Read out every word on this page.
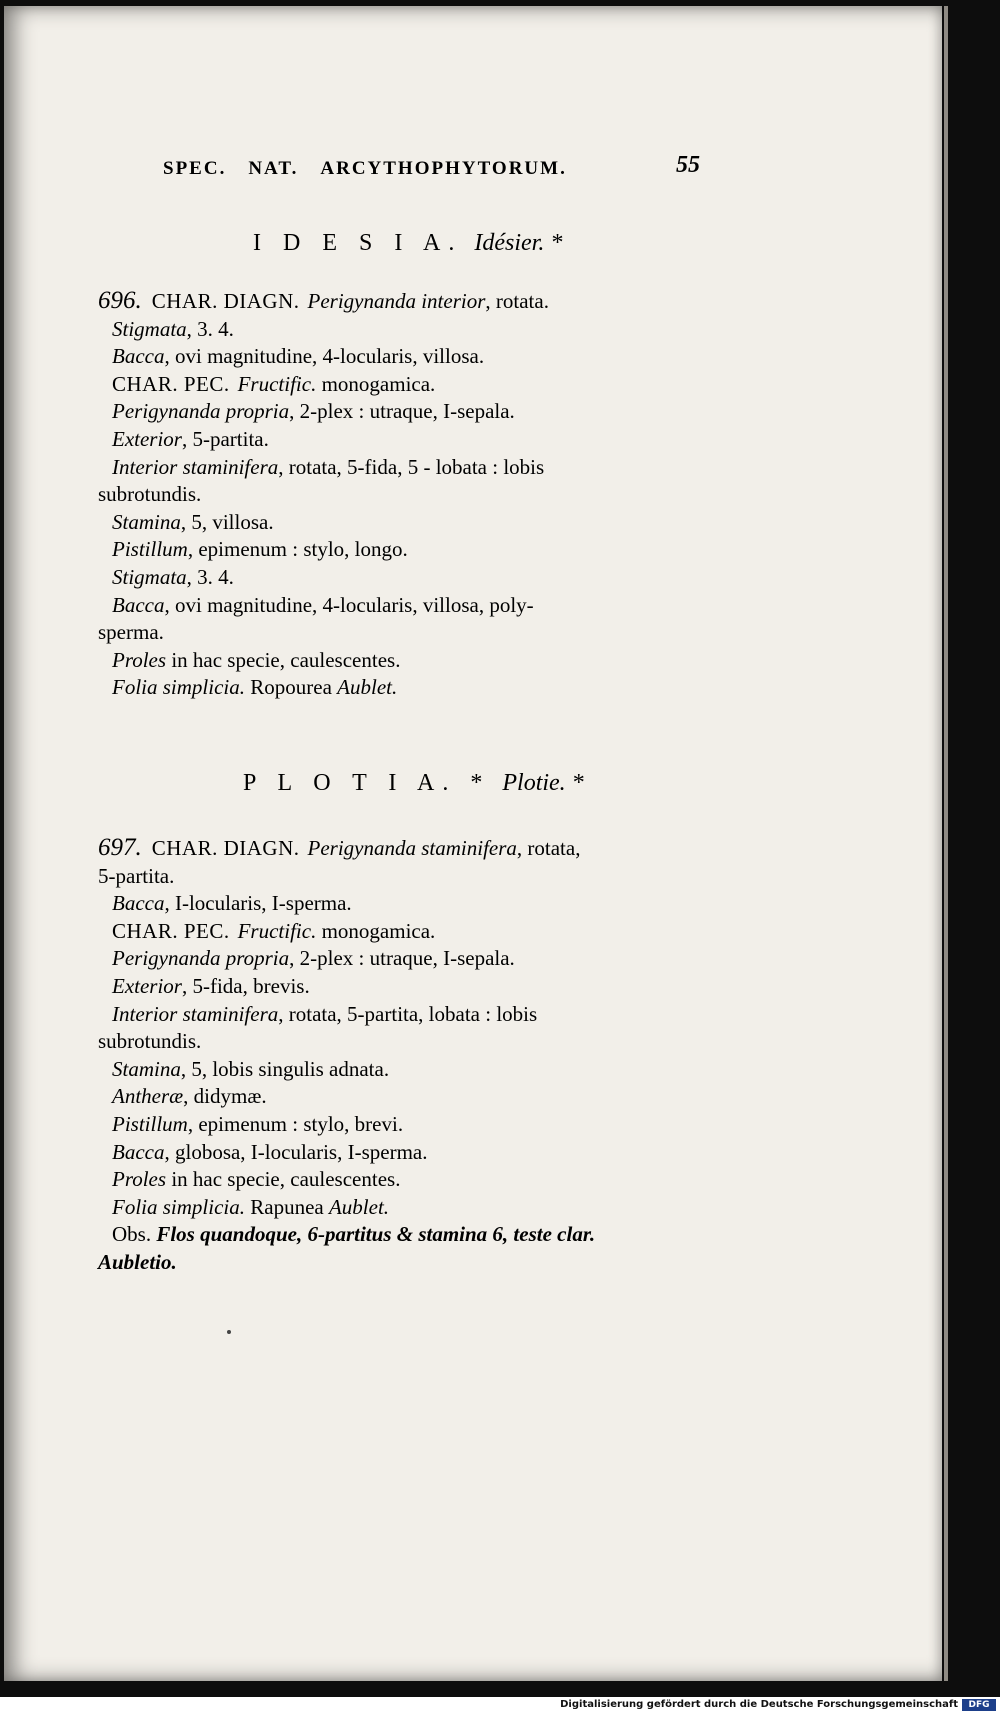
SPEC. NAT. ARCYTHOPHYTORUM.	55
I D E S I A. Idésier. *
696. CHAR. DIAGN. Perigynanda interior, rotata.
Stigmata, 3. 4.
Bacca, ovi magnitudine, 4-locularis, villosa.
CHAR. PEC. Fructific. monogamica.
Perigynanda propria, 2-plex : utraque, I-sepala.
Exterior, 5-partita.
Interior staminifera, rotata, 5-fida, 5 - lobata : lobis
subrotundis.
Stamina, 5, villosa.
Pistillum, epimenum : stylo, longo.
Stigmata, 3. 4.
Bacca, ovi magnitudine, 4-locularis, villosa, poly-
sperma.
Proles in hac specie, caulescentes.
Folia simplicia. Ropourea Aublet.
P L O T I A. * Plotie. *
697. CHAR. DIAGN. Perigynanda staminifera, rotata,
5-partita.
Bacca, I-locularis, I-sperma.
CHAR. PEC. Fructific. monogamica.
Perigynanda propria, 2-plex : utraque, I-sepala.
Exterior, 5-fida, brevis.
Interior staminifera, rotata, 5-partita, lobata : lobis
subrotundis.
Stamina, 5, lobis singulis adnata.
Antheræ, didymæ.
Pistillum, epimenum : stylo, brevi.
Bacca, globosa, I-locularis, I-sperma.
Proles in hac specie, caulescentes.
Folia simplicia. Rapunea Aublet.
Obs. Flos quandoque, 6-partitus & stamina 6, teste clar.
Aubletio.
Digitalisierung gefördert durch die Deutsche Forschungsgemeinschaft	DFG
